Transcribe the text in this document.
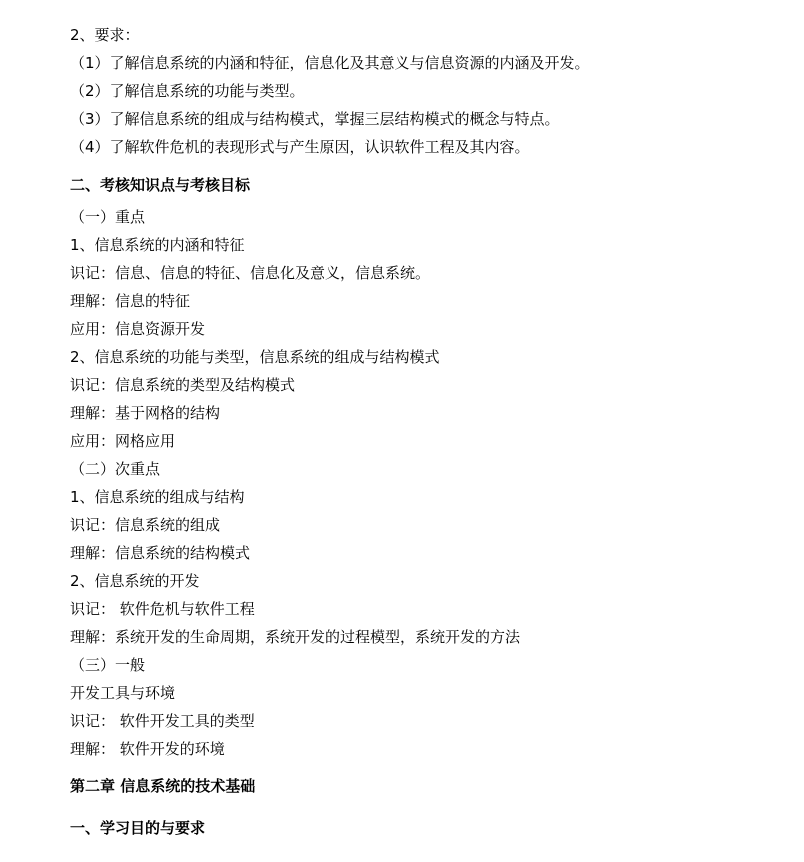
2、要求：

（1）了解信息系统的内涵和特征，信息化及其意义与信息资源的内涵及开发。

（2）了解信息系统的功能与类型。

（3）了解信息系统的组成与结构模式，掌握三层结构模式的概念与特点。

（4）了解软件危机的表现形式与产生原因，认识软件工程及其内容。

二、考核知识点与考核目标

（一）重点

1、信息系统的内涵和特征

识记：信息、信息的特征、信息化及意义，信息系统。

理解：信息的特征

应用：信息资源开发

2、信息系统的功能与类型，信息系统的组成与结构模式

识记：信息系统的类型及结构模式

理解：基于网格的结构

应用：网格应用

（二）次重点

1、信息系统的组成与结构

识记：信息系统的组成

理解：信息系统的结构模式

2、信息系统的开发

识记： 软件危机与软件工程

理解：系统开发的生命周期，系统开发的过程模型，系统开发的方法

（三）一般

开发工具与环境

识记： 软件开发工具的类型

理解： 软件开发的环境

第二章 信息系统的技术基础

一、学习目的与要求
